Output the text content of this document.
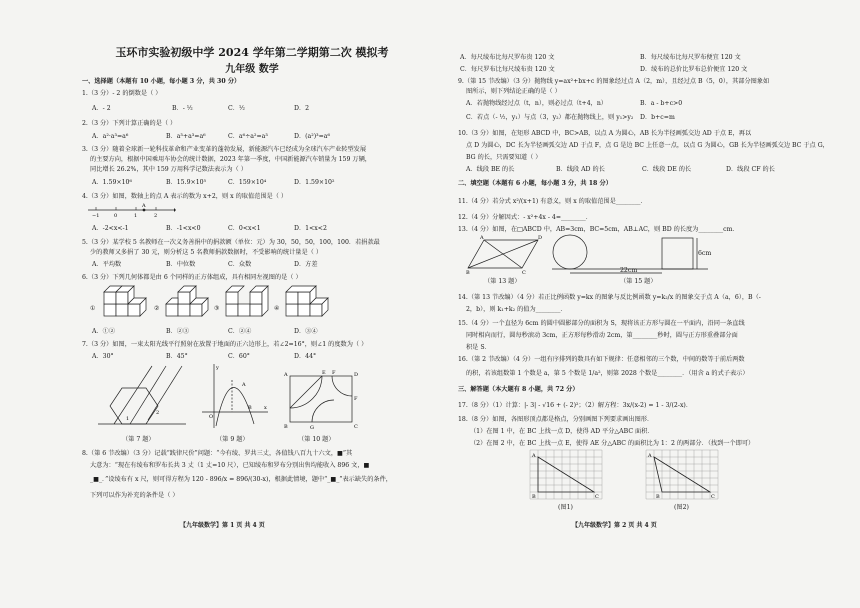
玉环市实验初级中学 2024 学年第二学期第二次 模拟考
九年级 数学
一、选择题（本题有 10 小题，每小题 3 分，共 30 分）
1.（3 分）- 2 的倒数是（ ）
A．- 2	B．- ½	C．½	D．2
2.（3 分）下列计算正确的是（ ）
A．a²·a³=a⁶	B．a³+a³=a⁶	C．a⁶÷a²=a³	D．(a²)³=a⁶
3.（3 分）随着全球新一轮科技革命和产业变革的蓬勃发展，新能源汽车已经成为全球汽车产业转型发展
的主要方向，根据中国乘用车协会的统计数据，2023 年第一季度，中国新能源汽车销量为 159 万辆，
同比增长 26.2%，其中 159 万用科学记数法表示为（ ）
A．1.59×10⁶	B．15.9×10⁵	C．159×10⁴	D．1.59×10²
4.（3 分）如图，数轴上的点 A 表示的数为 x+2，则 x 的取值范围是（ ）
A
−1	0	1	2
A．-2<x<-1	B．-1<x<0	C．0<x<1	D．1<x<2
5.（3 分）某学校 5 名教师在一次义务善捐中的捐款额（单位：元）为 30，50，50，100，100．若捐款最
少的教师又多捐了 30 元，则分析这 5 名教师捐款数据时，不受影响的统计量是（ ）
A．平均数	B．中位数	C．众数	D．方差
6.（3 分）下列几何体都是由 6 个同样的正方体组成，具有相同左视图的是（ ）
①	②	③	④
A．①②	B．②③	C．②④	D．③④
7.（3 分）如图，一束太阳光线平行照射在放置于地面的正六边形上，若∠2=16°，则∠1 的度数为（ ）
A．30°	B．45°	C．60°	D．44°
1
2
（第 7 题）
y
x
A
B
O
（第 9 题）
A	E F	D
F
B	G	C
（第 10 题）
8.（第 6 节改编）（3 分）记载“践律尺价”问题：“今有绫、罗共三丈，各值钱八百九十六文，■”其
大意为：“现在有绫布和罗布长共 3 丈（1 丈=10 尺），已知绫布和罗布分别出售均能收入 896 文，■
_■_．”设绫布有 x 尺，则可得方程为 120 - 896/x = 896/(30-x)，根据此情境，题中“_■_”表示缺失的条件，
下列可以作为补充的条件是（ ）
【九年级数学】第 1 页 共 4 页
A．每尺绫布比每尺罗布贵 120 文	B．每尺绫布比每尺罗布便宜 120 文
C．每尺罗布比每尺绫布贵 120 文	D．绫布的总价比罗布总价便宜 120 文
9.（第 15 节改编）（3 分）抛物线 y=ax²+bx+c 的图象经过点 A（2，m），且经过点 B（5，0），其部分图象如
图所示，则下列结论正确的是（ ）
A．若抛物线经过点（t，n），则必过点（t+4，n）	B．a - b+c>0
C．若点（- ½，y₁）与点（3，y₂）都在抛物线上，则 y₁>y₂ D．b+c=m
10.（3 分）如图，在矩形 ABCD 中，BC>AB，以点 A 为圆心，AB 长为半径画弧交边 AD 于点 E，再以
点 D 为圆心，DC 长为半径画弧交边 AD 于点 F，点 G 是边 BC 上任意一点，以点 G 为圆心，GB 长为半径画弧交边 BC 于点 G，
BG 的长，只需要知道（ ）
A．线段 BE 的长	B．线段 AD 的长	C．线段 DE 的长	D．线段 CF 的长
二、填空题（本题有 6 小题，每小题 3 分，共 18 分）
11.（4 分）若分式 x²/(x+1) 有意义，则 x 的取值范围是________．
12.（4 分）分解因式：- x²+4x - 4=________．
13.（4 分）如图，在□ABCD 中，AB=3cm，BC=5cm，AB⊥AC，则 BD 的长度为________cm．
A	D
B	C
（第 13 题）
6cm
22cm
（第 15 题）
14.（第 13 节改编）（4 分）若正比例函数 y=kx 的图象与反比例函数 y=k₂/x 的图象交于点 A（a，6），B（-
2，b），则 k₁+k₂ 的值为________．
15.（4 分）一个直径为 6cm 的圆中圆影部分的面积为 S，现将该正方形与圆在一平面内，沿同一条直线
同时相向而行，圆每秒滚动 3cm，正方形每秒滑动 2cm，第________秒时，圆与正方形重叠部分面
积是 S．
16.（第 2 节改编）（4 分）一组有序排列的数具有如下规律：任意相邻的三个数，中间的数等于前后两数
的积，若该组数第 1 个数是 a，第 5 个数是 1/a²，则第 2028 个数是________．（用含 a 的式子表示）
三、解答题（本大题有 8 小题，共 72 分）
17.（8 分）（1）计算：|- 3| - √16 + (- 2)²；（2）解方程：3x/(x-2) = 1 - 3/(2-x)．
18.（8 分）如图，各图形顶点都是格点，分别画图下列要求画出图形．
（1）在图 1 中，在 BC 上找一点 D，使得 AD 平分△ABC 面积．
（2）在图 2 中，在 BC 上找一点 E，使得 AE 分△ABC 的面积比为 1：2 的两部分．（找到一个即可）
A
B	C
(图1)
A
B	C
(图2)
【九年级数学】第 2 页 共 4 页
